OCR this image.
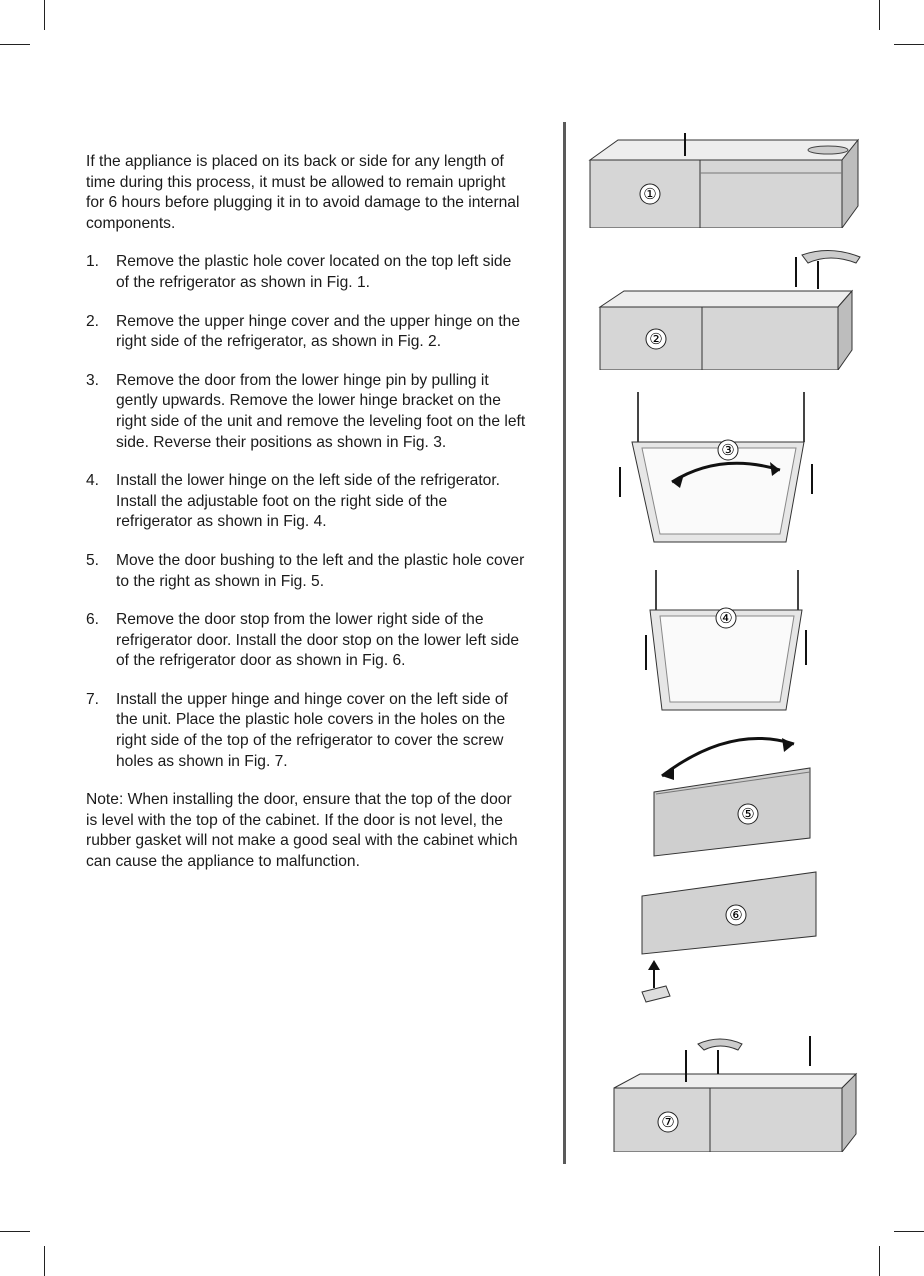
If the appliance is placed on its back or side for any length of time during this process, it must be allowed to remain upright for 6 hours before plugging it in to avoid damage to the internal components.

1. Remove the plastic hole cover located on the top left side of the refrigerator as shown in Fig. 1.
2. Remove the upper hinge cover and the upper hinge on the right side of the refrigerator, as shown in Fig. 2.
3. Remove the door from the lower hinge pin by pulling it gently upwards. Remove the lower hinge bracket on the right side of the unit and remove the leveling foot on the left side. Reverse their positions as shown in Fig. 3.
4. Install the lower hinge on the left side of the refrigerator. Install the adjustable foot on the right side of the refrigerator as shown in Fig. 4.
5. Move the door bushing to the left and the plastic hole cover to the right as shown in Fig. 5.
6. Remove the door stop from the lower right side of the refrigerator door. Install the door stop on the lower left side of the refrigerator door as shown in Fig. 6.
7. Install the upper hinge and hinge cover on the left side of the unit. Place the plastic hole covers in the holes on the right side of the top of the refrigerator to cover the screw holes as shown in Fig. 7.

Note: When installing the door, ensure that the top of the door is level with the top of the cabinet. If the door is not level, the rubber gasket will not make a good seal with the cabinet which can cause the appliance to malfunction.

①
②
③
④
⑤
⑥
⑦
